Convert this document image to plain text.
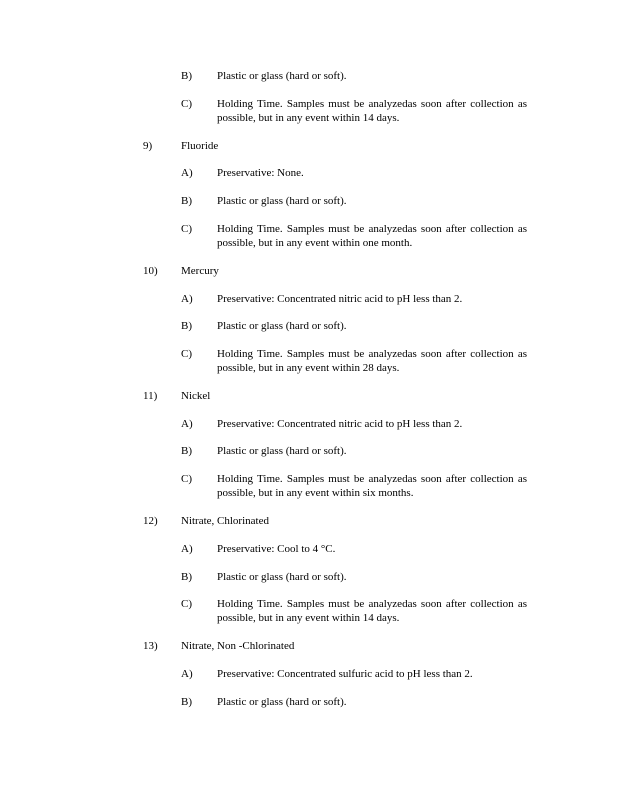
B) Plastic or glass (hard or soft).
C) Holding Time. Samples must be analyzedas soon after collection as possible, but in any event within 14 days.
9)	Fluoride
A) Preservative: None.
B) Plastic or glass (hard or soft).
C) Holding Time. Samples must be analyzedas soon after collection as possible, but in any event within one month.
10) Mercury
A) Preservative: Concentrated nitric acid to pH less than 2.
B) Plastic or glass (hard or soft).
C) Holding Time. Samples must be analyzedas soon after collection as possible, but in any event within 28 days.
11) Nickel
A) Preservative: Concentrated nitric acid to pH less than 2.
B) Plastic or glass (hard or soft).
C) Holding Time. Samples must be analyzedas soon after collection as possible, but in any event within six months.
12) Nitrate, Chlorinated
A) Preservative: Cool to 4 °C.
B) Plastic or glass (hard or soft).
C) Holding Time. Samples must be analyzedas soon after collection as possible, but in any event within 14 days.
13) Nitrate, Non -Chlorinated
A) Preservative: Concentrated sulfuric acid to pH less than 2.
B) Plastic or glass (hard or soft).
